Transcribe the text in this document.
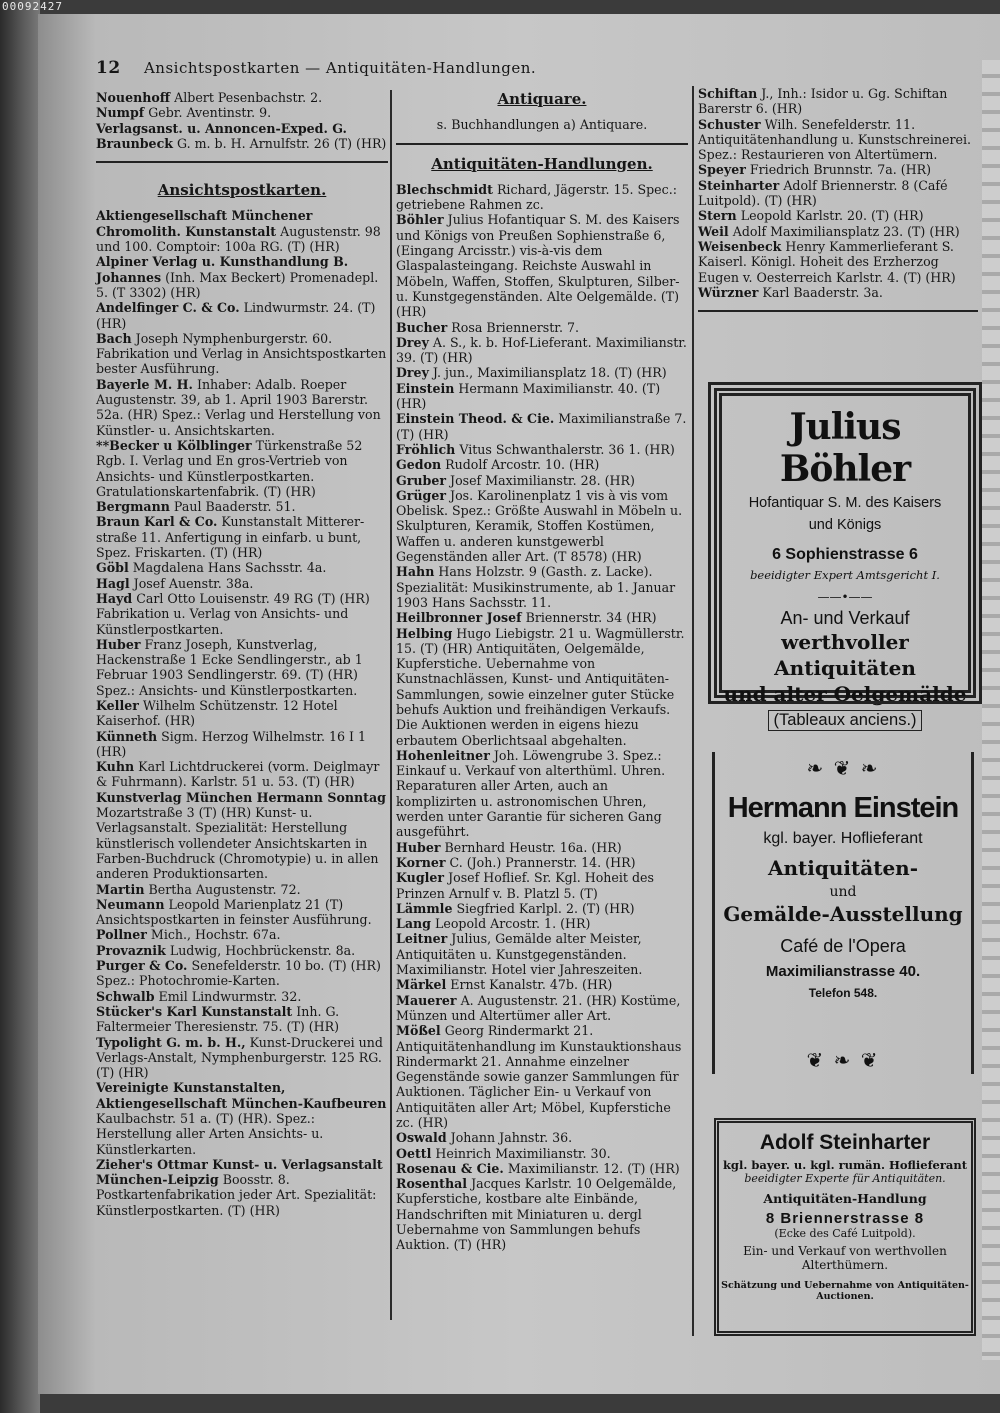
00092427
12 Ansichtspostkarten — Antiquitäten-Handlungen.
Nouenhoff Albert Pesenbachstr. 2.
Numpf Gebr. Aventinstr. 9.
Verlagsanst. u. Annoncen-Exped. G. Braunbeck G. m. b. H. Arnulfstr. 26 (T) (HR)
Ansichtspostkarten.
Aktiengesellschaft Münchener Chromolith. Kunstanstalt Augustenstr. 98 und 100. Comptoir: 100a RG. (T) (HR)
Alpiner Verlag u. Kunsthandlung B. Johannes (Inh. Max Beckert) Promenadepl. 5. (T 3302) (HR)
Andelfinger C. & Co. Lindwurmstr. 24. (T) (HR)
Bach Joseph Nymphenburgerstr. 60. Fabrikation und Verlag in Ansichtspostkarten bester Ausführung.
Bayerle M. H. Inhaber: Adalb. Roeper Augustenstr. 39, ab 1. April 1903 Barerstr. 52a. (HR) Spez.: Verlag und Herstellung von Künstler- u. Ansichtskarten.
**Becker u Kölblinger Türkenstraße 52 Rgb. I. Verlag und En gros-Vertrieb von Ansichts- und Künstlerpostkarten. Gratulationskartenfabrik. (T) (HR)
Bergmann Paul Baaderstr. 51.
Braun Karl & Co. Kunstanstalt Mittererstraße 11. Anfertigung in einfarb. u bunt, Spez. Friskarten. (T) (HR)
Göbl Magdalena Hans Sachsstr. 4a.
Hagl Josef Auenstr. 38a.
Hayd Carl Otto Louisenstr. 49 RG (T) (HR) Fabrikation u. Verlag von Ansichts- und Künstlerpostkarten.
Huber Franz Joseph, Kunstverlag, Hackenstraße 1 Ecke Sendlingerstr., ab 1 Februar 1903 Sendlingerstr. 69. (T) (HR) Spez.: Ansichts- und Künstlerpostkarten.
Keller Wilhelm Schützenstr. 12 Hotel Kaiserhof. (HR)
Künneth Sigm. Herzog Wilhelmstr. 16 I 1 (HR)
Kuhn Karl Lichtdruckerei (vorm. Deiglmayr & Fuhrmann). Karlstr. 51 u. 53. (T) (HR)
Kunstverlag München Hermann Sonntag Mozartstraße 3 (T) (HR) Kunst- u. Verlagsanstalt. Spezialität: Herstellung künstlerisch vollendeter Ansichtskarten in Farben-Buchdruck (Chromotypie) u. in allen anderen Produktionsarten.
Martin Bertha Augustenstr. 72.
Neumann Leopold Marienplatz 21 (T) Ansichtspostkarten in feinster Ausführung.
Pollner Mich., Hochstr. 67a.
Provaznik Ludwig, Hochbrückenstr. 8a.
Purger & Co. Senefelderstr. 10 bo. (T) (HR) Spez.: Photochromie-Karten.
Schwalb Emil Lindwurmstr. 32.
Stücker's Karl Kunstanstalt Inh. G. Faltermeier Theresienstr. 75. (T) (HR)
Typolight G. m. b. H., Kunst-Druckerei und Verlags-Anstalt, Nymphenburgerstr. 125 RG. (T) (HR)
Vereinigte Kunstanstalten, Aktiengesellschaft München-Kaufbeuren Kaulbachstr. 51 a. (T) (HR). Spez.: Herstellung aller Arten Ansichts- u. Künstlerkarten.
Zieher's Ottmar Kunst- u. Verlagsanstalt München-Leipzig Boosstr. 8. Postkartenfabrikation jeder Art. Spezialität: Künstlerpostkarten. (T) (HR)
Antiquare.
s. Buchhandlungen a) Antiquare.
Antiquitäten-Handlungen.
Blechschmidt Richard, Jägerstr. 15. Spec.: getriebene Rahmen zc.
Böhler Julius Hofantiquar S. M. des Kaisers und Königs von Preußen Sophienstraße 6, (Eingang Arcisstr.) vis-à-vis dem Glaspalasteingang. Reichste Auswahl in Möbeln, Waffen, Stoffen, Skulpturen, Silber- u. Kunstgegenständen. Alte Oelgemälde. (T) (HR)
Bucher Rosa Briennerstr. 7.
Drey A. S., k. b. Hof-Lieferant. Maximilianstr. 39. (T) (HR)
Drey J. jun., Maximiliansplatz 18. (T) (HR)
Einstein Hermann Maximilianstr. 40. (T) (HR)
Einstein Theod. & Cie. Maximilianstraße 7. (T) (HR)
Fröhlich Vitus Schwanthalerstr. 36 1. (HR)
Gedon Rudolf Arcostr. 10. (HR)
Gruber Josef Maximilianstr. 28. (HR)
Grüger Jos. Karolinenplatz 1 vis à vis vom Obelisk. Spez.: Größte Auswahl in Möbeln u. Skulpturen, Keramik, Stoffen Kostümen, Waffen u. anderen kunstgewerbl Gegenständen aller Art. (T 8578) (HR)
Hahn Hans Holzstr. 9 (Gasth. z. Lacke). Spezialität: Musikinstrumente, ab 1. Januar 1903 Hans Sachsstr. 11.
Heilbronner Josef Briennerstr. 34 (HR)
Helbing Hugo Liebigstr. 21 u. Wagmüllerstr. 15. (T) (HR) Antiquitäten, Oelgemälde, Kupferstiche. Uebernahme von Kunstnachlässen, Kunst- und Antiquitäten-Sammlungen, sowie einzelner guter Stücke behufs Auktion und freihändigen Verkaufs. Die Auktionen werden in eigens hiezu erbautem Oberlichtsaal abgehalten.
Hohenleitner Joh. Löwengrube 3. Spez.: Einkauf u. Verkauf von alterthüml. Uhren. Reparaturen aller Arten, auch an komplizirten u. astronomischen Uhren, werden unter Garantie für sicheren Gang ausgeführt.
Huber Bernhard Heustr. 16a. (HR)
Korner C. (Joh.) Prannerstr. 14. (HR)
Kugler Josef Hoflief. Sr. Kgl. Hoheit des Prinzen Arnulf v. B. Platzl 5. (T)
Lämmle Siegfried Karlpl. 2. (T) (HR)
Lang Leopold Arcostr. 1. (HR)
Leitner Julius, Gemälde alter Meister, Antiquitäten u. Kunstgegenständen. Maximilianstr. Hotel vier Jahreszeiten.
Märkel Ernst Kanalstr. 47b. (HR)
Mauerer A. Augustenstr. 21. (HR) Kostüme, Münzen und Altertümer aller Art.
Mößel Georg Rindermarkt 21. Antiquitätenhandlung im Kunstauktionshaus Rindermarkt 21. Annahme einzelner Gegenstände sowie ganzer Sammlungen für Auktionen. Täglicher Ein- u Verkauf von Antiquitäten aller Art; Möbel, Kupferstiche zc. (HR)
Oswald Johann Jahnstr. 36.
Oettl Heinrich Maximilianstr. 30.
Rosenau & Cie. Maximilianstr. 12. (T) (HR)
Rosenthal Jacques Karlstr. 10 Oelgemälde, Kupferstiche, kostbare alte Einbände, Handschriften mit Miniaturen u. dergl Uebernahme von Sammlungen behufs Auktion. (T) (HR)
Schiftan J., Inh.: Isidor u. Gg. Schiftan Barerstr 6. (HR)
Schuster Wilh. Senefelderstr. 11. Antiquitätenhandlung u. Kunstschreinerei. Spez.: Restaurieren von Altertümern.
Speyer Friedrich Brunnstr. 7a. (HR)
Steinharter Adolf Briennerstr. 8 (Café Luitpold). (T) (HR)
Stern Leopold Karlstr. 20. (T) (HR)
Weil Adolf Maximiliansplatz 23. (T) (HR)
Weisenbeck Henry Kammerlieferant S. Kaiserl. Königl. Hoheit des Erzherzog Eugen v. Oesterreich Karlstr. 4. (T) (HR)
Würzner Karl Baaderstr. 3a.
Julius Böhler
Hofantiquar S. M. des Kaisers
und Königs
6 Sophienstrasse 6
beeidigter Expert Amtsgericht I.
——•——
An- und Verkauf
werthvoller Antiquitäten
und alter Oelgemälde
(Tableaux anciens.)
❧ ❦ ❧
Hermann Einstein
kgl. bayer. Hoflieferant
Antiquitäten-
und
Gemälde-Ausstellung
Café de l'Opera
Maximilianstrasse 40.
Telefon 548.
❦ ❧ ❦
Adolf Steinharter
kgl. bayer. u. kgl. rumän. Hoflieferant
beeidigter Experte für Antiquitäten.
Antiquitäten-Handlung
8 Briennerstrasse 8
(Ecke des Café Luitpold).
Ein- und Verkauf von werthvollen
Alterthümern.
Schätzung und Uebernahme von Antiquitäten-Auctionen.
